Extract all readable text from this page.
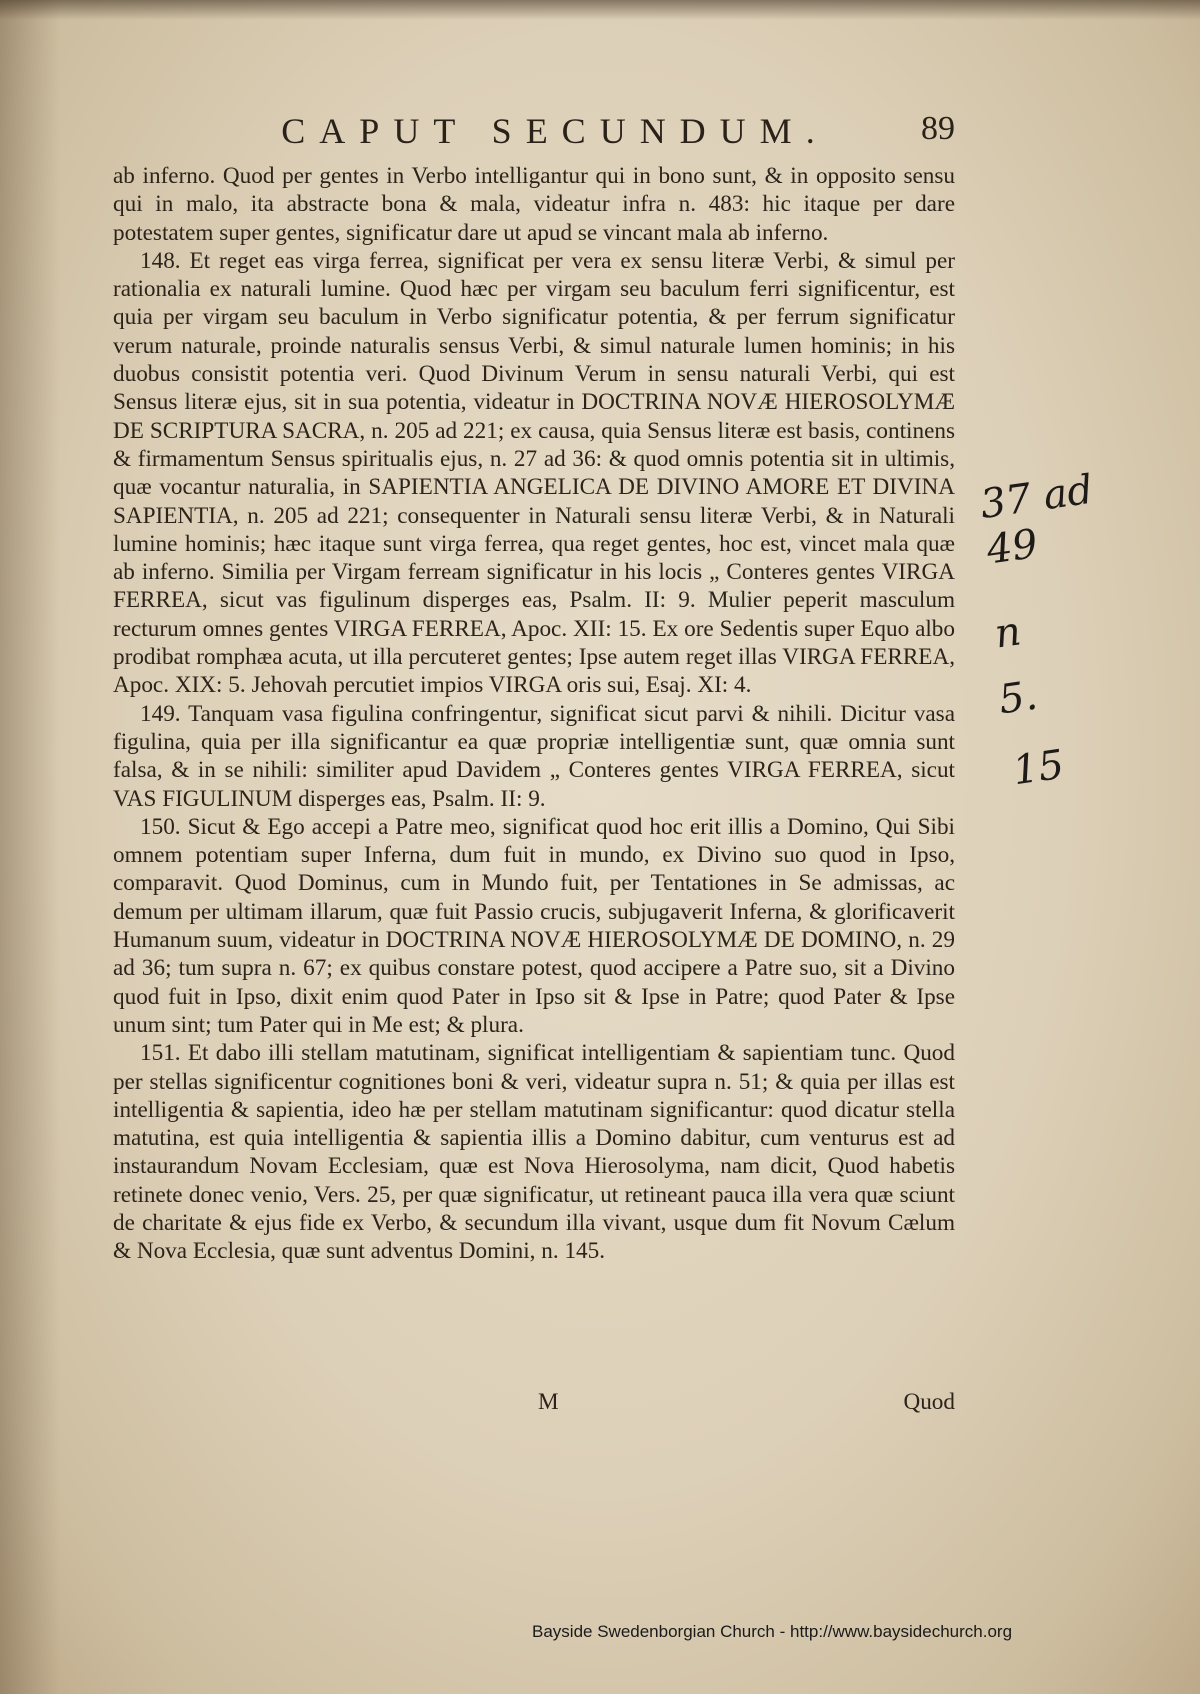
CAPUT SECUNDUM.	89

ab inferno. Quod per gentes in Verbo intelligantur qui in bono sunt, & in opposito sensu qui in malo, ita abstracte bona & mala, videatur infra n. 483: hic itaque per dare potestatem super gentes, significatur dare ut apud se vincant mala ab inferno.

148. Et reget eas virga ferrea, significat per vera ex sensu literæ Verbi, & simul per rationalia ex naturali lumine. Quod hæc per virgam seu baculum ferri significentur, est quia per virgam seu baculum in Verbo significatur potentia, & per ferrum significatur verum naturale, proinde naturalis sensus Verbi, & simul naturale lumen hominis; in his duobus consistit potentia veri. Quod Divinum Verum in sensu naturali Verbi, qui est Sensus literæ ejus, sit in sua potentia, videatur in DOCTRINA NOVÆ HIEROSOLYMÆ DE SCRIPTURA SACRA, n. 205 ad 221; ex causa, quia Sensus literæ est basis, continens & firmamentum Sensus spiritualis ejus, n. 27 ad 36: & quod omnis potentia sit in ultimis, quæ vocantur naturalia, in SAPIENTIA ANGELICA DE DIVINO AMORE ET DIVINA SAPIENTIA, n. 205 ad 221; consequenter in Naturali sensu literæ Verbi, & in Naturali lumine hominis; hæc itaque sunt virga ferrea, qua reget gentes, hoc est, vincet mala quæ ab inferno. Similia per Virgam ferream significatur in his locis „ Conteres gentes VIRGA FERREA, sicut vas figulinum disperges eas, Psalm. II: 9. Mulier peperit masculum recturum omnes gentes VIRGA FERREA, Apoc. XII: 15. Ex ore Sedentis super Equo albo prodibat romphæa acuta, ut illa percuteret gentes; Ipse autem reget illas VIRGA FERREA, Apoc. XIX: 5. Jehovah percutiet impios VIRGA oris sui, Esaj. XI: 4.

149. Tanquam vasa figulina confringentur, significat sicut parvi & nihili. Dicitur vasa figulina, quia per illa significantur ea quæ propriæ intelligentiæ sunt, quæ omnia sunt falsa, & in se nihili: similiter apud Davidem „ Conteres gentes VIRGA FERREA, sicut VAS FIGULINUM disperges eas, Psalm. II: 9.

150. Sicut & Ego accepi a Patre meo, significat quod hoc erit illis a Domino, Qui Sibi omnem potentiam super Inferna, dum fuit in mundo, ex Divino suo quod in Ipso, comparavit. Quod Dominus, cum in Mundo fuit, per Tentationes in Se admissas, ac demum per ultimam illarum, quæ fuit Passio crucis, subjugaverit Inferna, & glorificaverit Humanum suum, videatur in DOCTRINA NOVÆ HIEROSOLYMÆ DE DOMINO, n. 29 ad 36; tum supra n. 67; ex quibus constare potest, quod accipere a Patre suo, sit a Divino quod fuit in Ipso, dixit enim quod Pater in Ipso sit & Ipse in Patre; quod Pater & Ipse unum sint; tum Pater qui in Me est; & plura.

151. Et dabo illi stellam matutinam, significat intelligentiam & sapientiam tunc. Quod per stellas significentur cognitiones boni & veri, videatur supra n. 51; & quia per illas est intelligentia & sapientia, ideo hæ per stellam matutinam significantur: quod dicatur stella matutina, est quia intelligentia & sapientia illis a Domino dabitur, cum venturus est ad instaurandum Novam Ecclesiam, quæ est Nova Hierosolyma, nam dicit, Quod habetis retinete donec venio, Vers. 25, per quæ significatur, ut retineant pauca illa vera quæ sciunt de charitate & ejus fide ex Verbo, & secundum illa vivant, usque dum fit Novum Cælum & Nova Ecclesia, quæ sunt adventus Domini, n. 145.

M	Quod
37 ad 49
n
5.
15
Bayside Swedenborgian Church - http://www.baysidechurch.org
